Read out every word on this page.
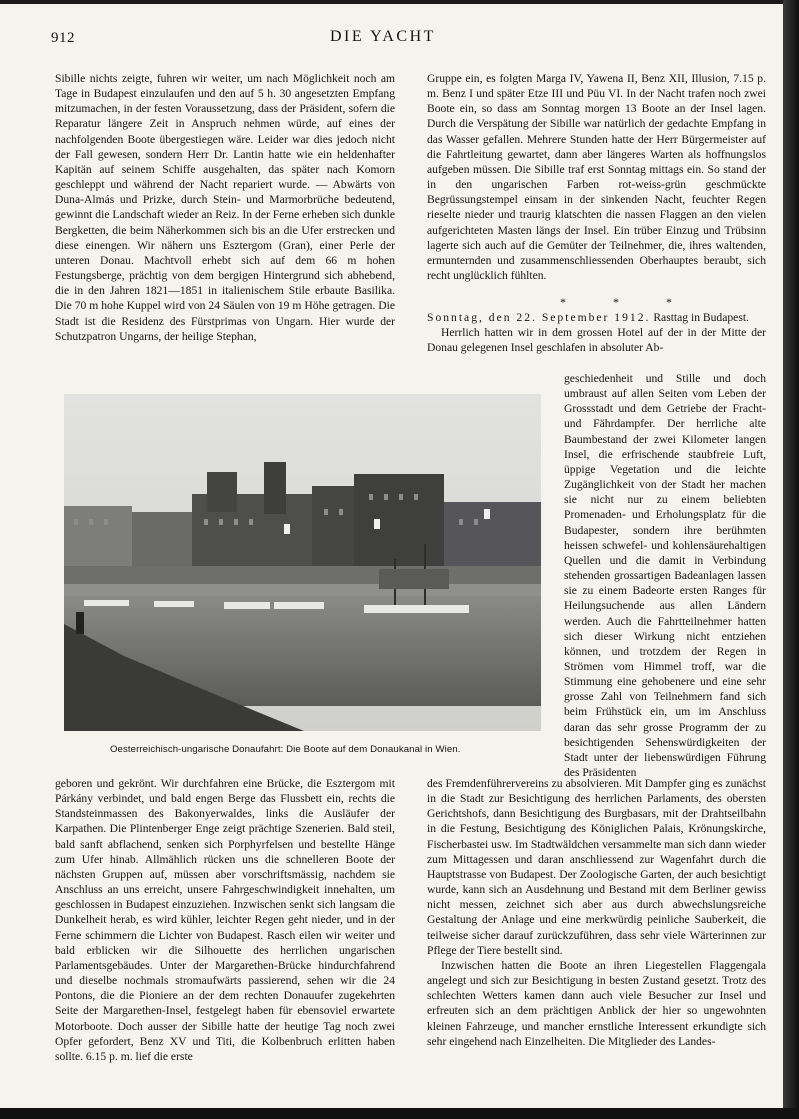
912	DIE YACHT

Sibille nichts zeigte, fuhren wir weiter, um nach Möglichkeit noch am Tage in Budapest einzulaufen und den auf 5 h. 30 angesetzten Empfang mitzumachen, in der festen Voraussetzung, dass der Präsident, sofern die Reparatur längere Zeit in Anspruch nehmen würde, auf eines der nachfolgenden Boote übergestiegen wäre. Leider war dies jedoch nicht der Fall gewesen, sondern Herr Dr. Lantin hatte wie ein heldenhafter Kapitän auf seinem Schiffe ausgehalten, das später nach Komorn geschleppt und während der Nacht repariert wurde. — Abwärts von Duna-Almás und Prizke, durch Stein- und Marmorbrüche bedeutend, gewinnt die Landschaft wieder an Reiz. In der Ferne erheben sich dunkle Bergketten, die beim Näherkommen sich bis an die Ufer erstrecken und diese einengen. Wir nähern uns Esztergom (Gran), einer Perle der unteren Donau. Machtvoll erhebt sich auf dem 66 m hohen Festungsberge, prächtig von dem bergigen Hintergrund sich abhebend, die in den Jahren 1821—1851 in italienischem Stile erbaute Basilika. Die 70 m hohe Kuppel wird von 24 Säulen von 19 m Höhe getragen. Die Stadt ist die Residenz des Fürstprimas von Ungarn. Hier wurde der Schutzpatron Ungarns, der heilige Stephan,

Gruppe ein, es folgten Marga IV, Yawena II, Benz XII, Illusion, 7.15 p. m. Benz I und später Etze III und Püu VI. In der Nacht trafen noch zwei Boote ein, so dass am Sonntag morgen 13 Boote an der Insel lagen. Durch die Verspätung der Sibille war natürlich der gedachte Empfang in das Wasser gefallen. Mehrere Stunden hatte der Herr Bürgermeister auf die Fahrtleitung gewartet, dann aber längeres Warten als hoffnungslos aufgeben müssen. Die Sibille traf erst Sonntag mittags ein. So stand der in den ungarischen Farben rot-weiss-grün geschmückte Begrüssungstempel einsam in der sinkenden Nacht, feuchter Regen rieselte nieder und traurig klatschten die nassen Flaggen an den vielen aufgerichteten Masten längs der Insel. Ein trüber Einzug und Trübsinn lagerte sich auch auf die Gemüter der Teilnehmer, die, ihres waltenden, ermunternden und zusammenschliessenden Oberhauptes beraubt, sich recht unglücklich fühlten.

* * *

Sonntag, den 22. September 1912. Rasttag in Budapest.

Herrlich hatten wir in dem grossen Hotel auf der in der Mitte der Donau gelegenen Insel geschlafen in absoluter Ab-

geschiedenheit und Stille und doch umbraust auf allen Seiten vom Leben der Grossstadt und dem Getriebe der Fracht- und Fährdampfer. Der herrliche alte Baumbestand der zwei Kilometer langen Insel, die erfrischende staubfreie Luft, üppige Vegetation und die leichte Zugänglichkeit von der Stadt her machen sie nicht nur zu einem beliebten Promenaden- und Erholungsplatz für die Budapester, sondern ihre berühmten heissen schwefel- und kohlensäurehaltigen Quellen und die damit in Verbindung stehenden grossartigen Badeanlagen lassen sie zu einem Badeorte ersten Ranges für Heilungsuchende aus allen Ländern werden. Auch die Fahrtteilnehmer hatten sich dieser Wirkung nicht entziehen können, und trotzdem der Regen in Strömen vom Himmel troff, war die Stimmung eine gehobenere und eine sehr grosse Zahl von Teilnehmern fand sich beim Frühstück ein, um im Anschluss daran das sehr grosse Programm der zu besichtigenden Sehenswürdigkeiten der Stadt unter der liebenswürdigen Führung des Präsidenten

Oesterreichisch-ungarische Donaufahrt: Die Boote auf dem Donaukanal in Wien.

geboren und gekrönt. Wir durchfahren eine Brücke, die Esztergom mit Párkány verbindet, und bald engen Berge das Flussbett ein, rechts die Standsteinmassen des Bakonyerwaldes, links die Ausläufer der Karpathen. Die Plintenberger Enge zeigt prächtige Szenerien. Bald steil, bald sanft abflachend, senken sich Porphyrfelsen und bestellte Hänge zum Ufer hinab. Allmählich rücken uns die schnelleren Boote der nächsten Gruppen auf, müssen aber vorschriftsmässig, nachdem sie Anschluss an uns erreicht, unsere Fahrgeschwindigkeit innehalten, um geschlossen in Budapest einzuziehen. Inzwischen senkt sich langsam die Dunkelheit herab, es wird kühler, leichter Regen geht nieder, und in der Ferne schimmern die Lichter von Budapest. Rasch eilen wir weiter und bald erblicken wir die Silhouette des herrlichen ungarischen Parlamentsgebäudes. Unter der Margarethen-Brücke hindurchfahrend und dieselbe nochmals stromaufwärts passierend, sehen wir die 24 Pontons, die die Pioniere an der dem rechten Donauufer zugekehrten Seite der Margarethen-Insel, festgelegt haben für ebensoviel erwartete Motorboote. Doch ausser der Sibille hatte der heutige Tag noch zwei Opfer gefordert, Benz XV und Titi, die Kolbenbruch erlitten haben sollte. 6.15 p. m. lief die erste

des Fremdenführervereins zu absolvieren. Mit Dampfer ging es zunächst in die Stadt zur Besichtigung des herrlichen Parlaments, des obersten Gerichtshofs, dann Besichtigung des Burgbasars, mit der Drahtseilbahn in die Festung, Besichtigung des Königlichen Palais, Krönungskirche, Fischerbastei usw. Im Stadtwäldchen versammelte man sich dann wieder zum Mittagessen und daran anschliessend zur Wagenfahrt durch die Hauptstrasse von Budapest. Der Zoologische Garten, der auch besichtigt wurde, kann sich an Ausdehnung und Bestand mit dem Berliner gewiss nicht messen, zeichnet sich aber aus durch abwechslungsreiche Gestaltung der Anlage und eine merkwürdig peinliche Sauberkeit, die teilweise sicher darauf zurückzuführen, dass sehr viele Wärterinnen zur Pflege der Tiere bestellt sind.

Inzwischen hatten die Boote an ihren Liegestellen Flaggengala angelegt und sich zur Besichtigung in besten Zustand gesetzt. Trotz des schlechten Wetters kamen dann auch viele Besucher zur Insel und erfreuten sich an dem prächtigen Anblick der hier so ungewohnten kleinen Fahrzeuge, und mancher ernstliche Interessent erkundigte sich sehr eingehend nach Einzelheiten. Die Mitglieder des Landes-
